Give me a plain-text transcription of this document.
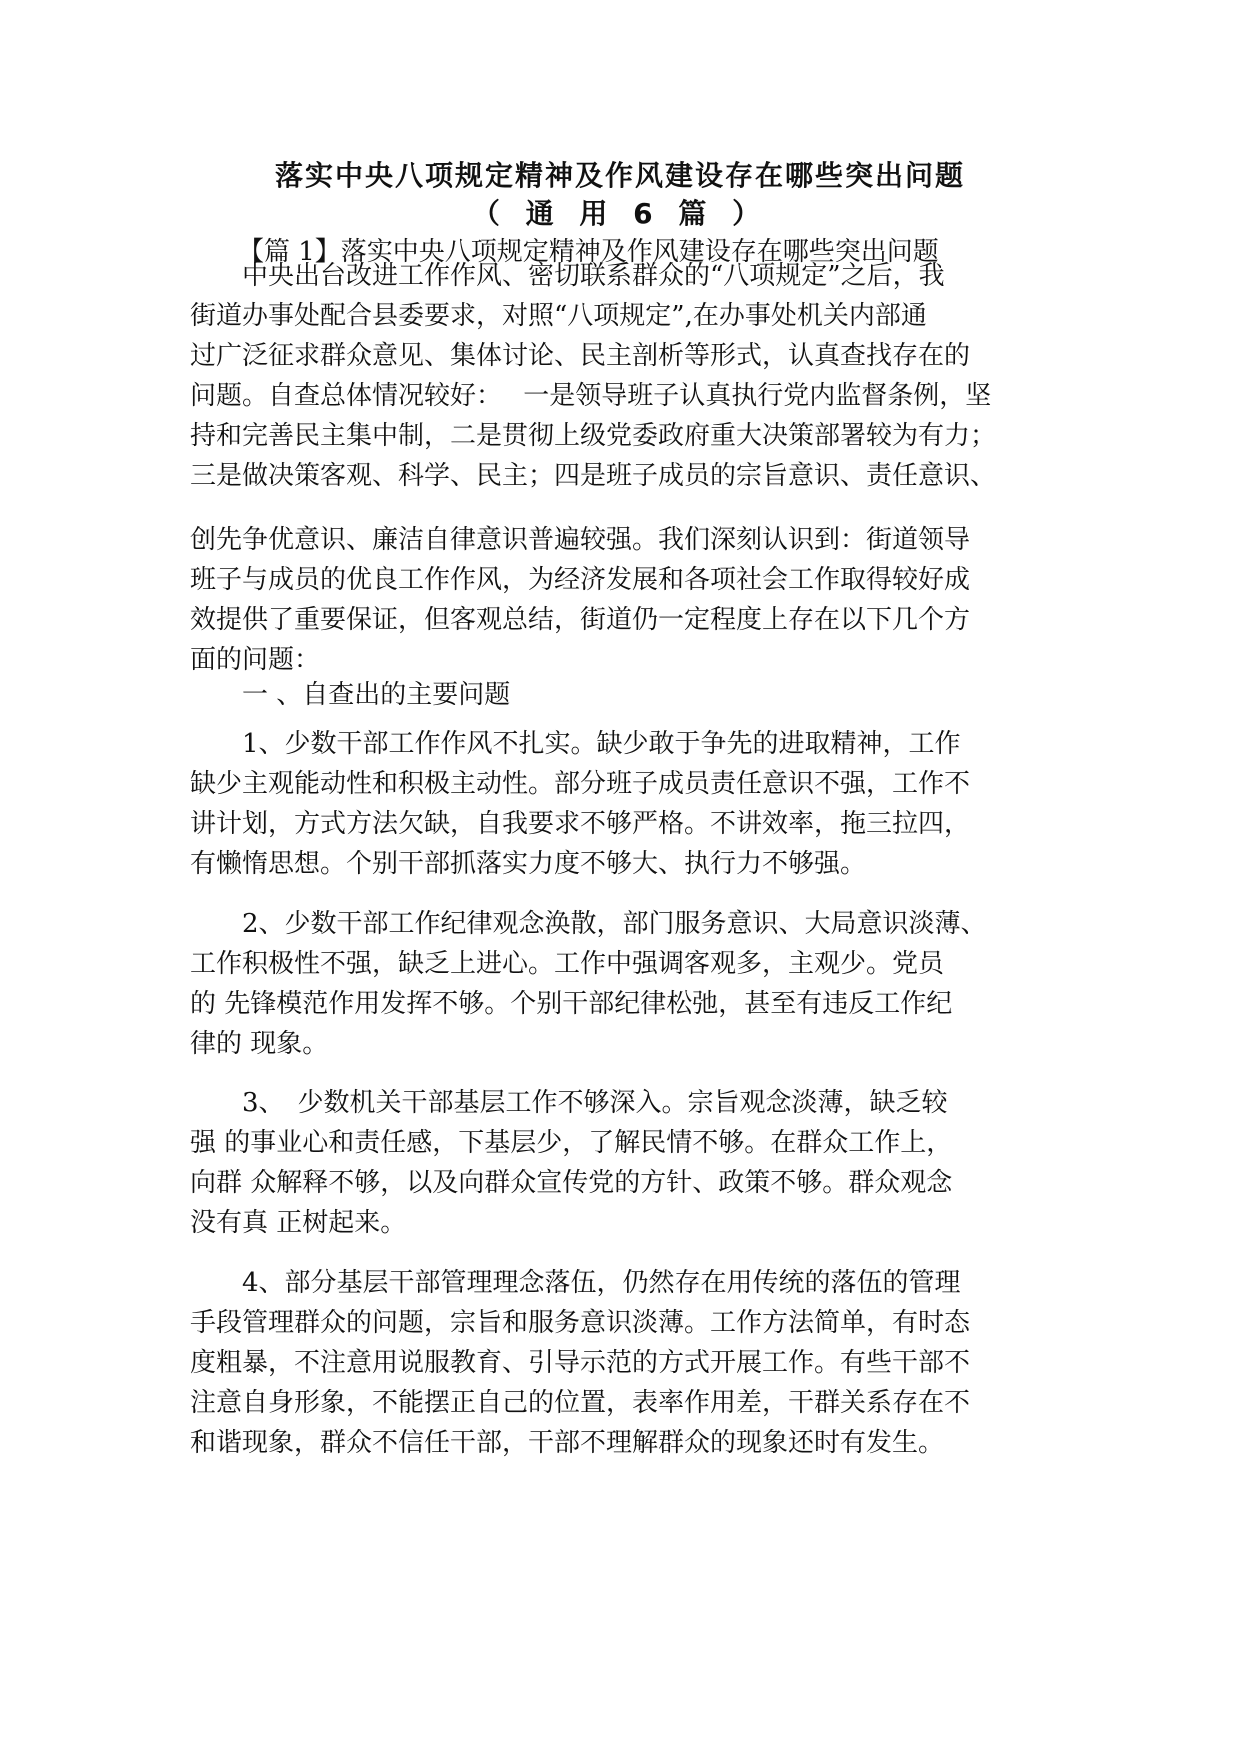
落实中央八项规定精神及作风建设存在哪些突出问题
（ 通 用 6 篇 ）
【篇 1】落实中央八项规定精神及作风建设存在哪些突出问题
　　中央出台改进工作作风、密切联系群众的“八项规定”之后，我
街道办事处配合县委要求，对照“八项规定”,在办事处机关内部通
过广泛征求群众意见、集体讨论、民主剖析等形式，认真查找存在的
问题。自查总体情况较好：　 一是领导班子认真执行党内监督条例，坚
持和完善民主集中制，二是贯彻上级党委政府重大决策部署较为有力；
三是做决策客观、科学、民主；四是班子成员的宗旨意识、责任意识、
创先争优意识、廉洁自律意识普遍较强。我们深刻认识到：街道领导
班子与成员的优良工作作风，为经济发展和各项社会工作取得较好成
效提供了重要保证，但客观总结，街道仍一定程度上存在以下几个方
面的问题：
　　一 、自查出的主要问题
　　1、少数干部工作作风不扎实。缺少敢于争先的进取精神，工作
缺少主观能动性和积极主动性。部分班子成员责任意识不强，工作不
讲计划，方式方法欠缺，自我要求不够严格。不讲效率，拖三拉四，
有懒惰思想。个别干部抓落实力度不够大、执行力不够强。
　　2、少数干部工作纪律观念涣散，部门服务意识、大局意识淡薄、
工作积极性不强，缺乏上进心。工作中强调客观多，主观少。党员
的 先锋模范作用发挥不够。个别干部纪律松弛，甚至有违反工作纪
律的 现象。
　　3、　少数机关干部基层工作不够深入。宗旨观念淡薄，缺乏较
强 的事业心和责任感，下基层少，了解民情不够。在群众工作上，
向群 众解释不够，以及向群众宣传党的方针、政策不够。群众观念
没有真 正树起来。
　　4、部分基层干部管理理念落伍，仍然存在用传统的落伍的管理
手段管理群众的问题，宗旨和服务意识淡薄。工作方法简单，有时态
度粗暴，不注意用说服教育、引导示范的方式开展工作。有些干部不
注意自身形象，不能摆正自己的位置，表率作用差，干群关系存在不
和谐现象，群众不信任干部，干部不理解群众的现象还时有发生。
